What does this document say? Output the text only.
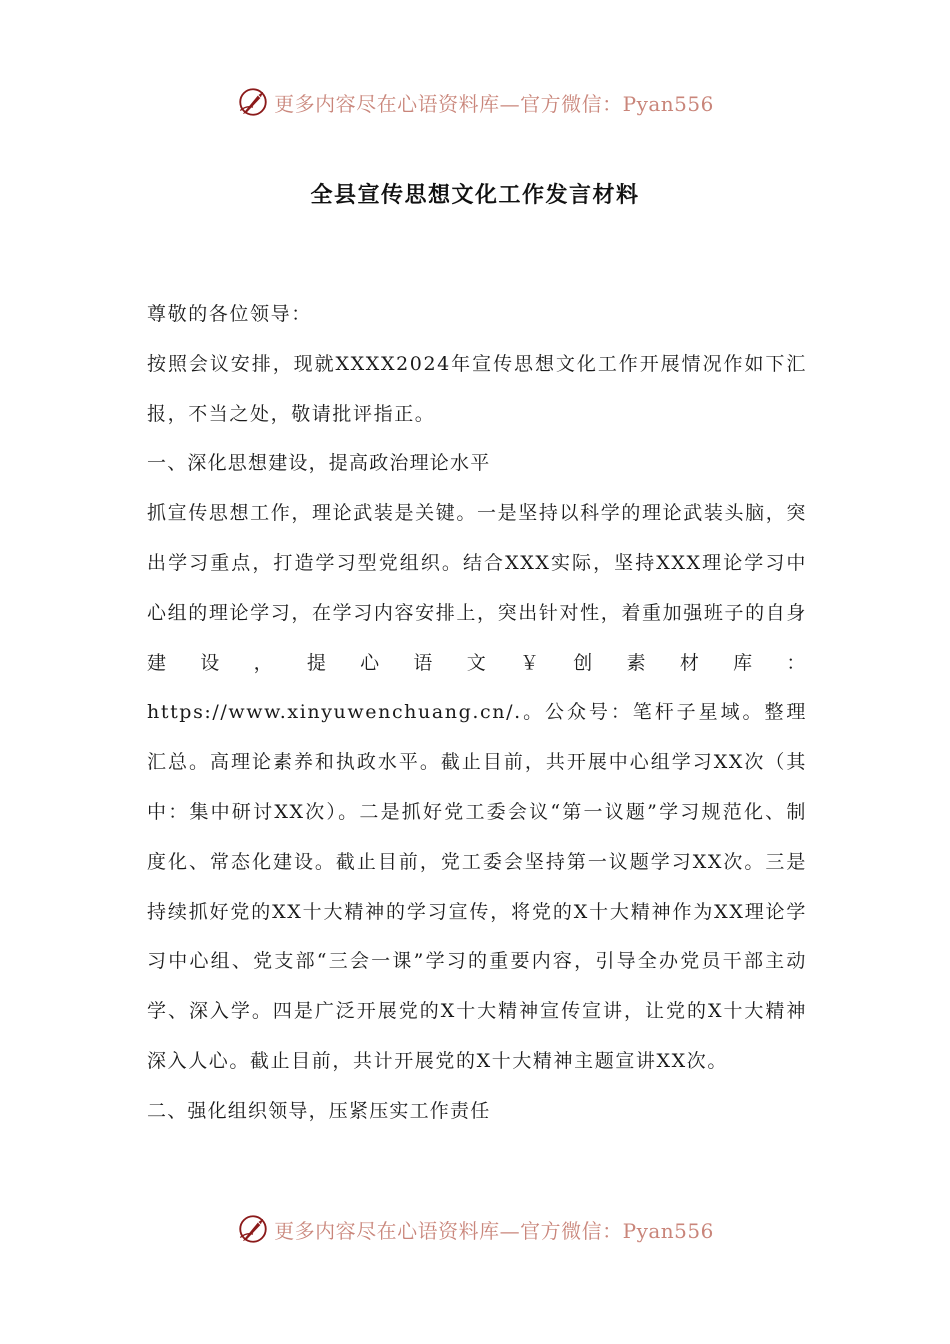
更多内容尽在心语资料库—官方微信：Pyan556
全县宣传思想文化工作发言材料

尊敬的各位领导：

按照会议安排，现就XXXX2024年宣传思想文化工作开展情况作如下汇报，不当之处，敬请批评指正。

一、深化思想建设，提高政治理论水平

抓宣传思想工作，理论武装是关键。一是坚持以科学的理论武装头脑，突出学习重点，打造学习型党组织。结合XXX实际，坚持XXX理论学习中心组的理论学习，在学习内容安排上，突出针对性，着重加强班子的自身建设，提心语文￥创素材库：https://www.xinyuwenchuang.cn/.。公众号：笔杆子星域。整理汇总。高理论素养和执政水平。截止目前，共开展中心组学习XX次（其中：集中研讨XX次）。二是抓好党工委会议“第一议题”学习规范化、制度化、常态化建设。截止目前，党工委会坚持第一议题学习XX次。三是持续抓好党的XX十大精神的学习宣传，将党的X十大精神作为XX理论学习中心组、党支部“三会一课”学习的重要内容，引导全办党员干部主动学、深入学。四是广泛开展党的X十大精神宣传宣讲，让党的X十大精神深入人心。截止目前，共计开展党的X十大精神主题宣讲XX次。

二、强化组织领导，压紧压实工作责任

更多内容尽在心语资料库—官方微信：Pyan556
